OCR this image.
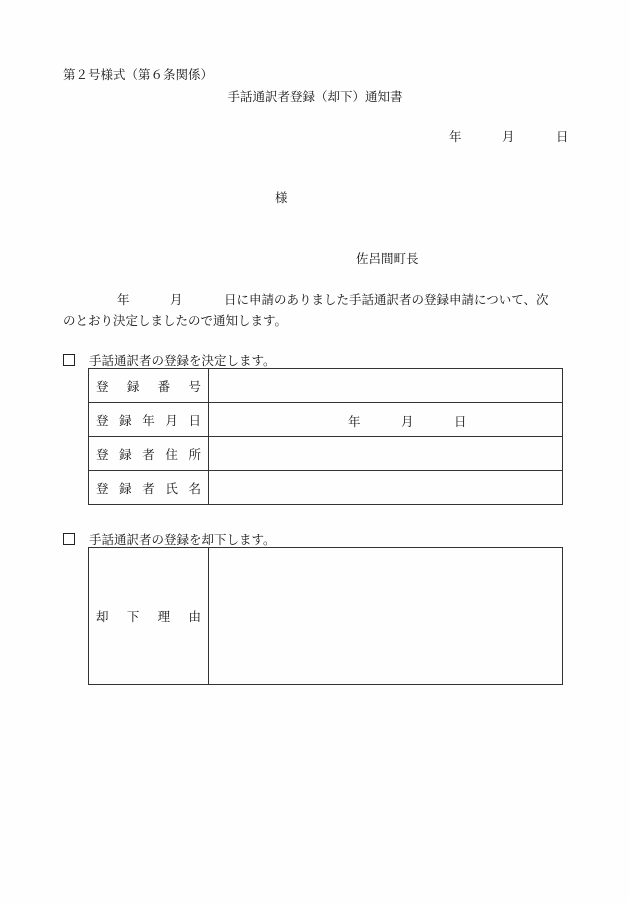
第２号様式（第６条関係）
手話通訳者登録（却下）通知書
年	月	日
様
佐呂間町長
年	月	日に申請のありました手話通訳者の登録申請について、次
のとおり決定しましたので通知します。
手話通訳者の登録を決定します。
登 録 番 号	

登 録 年 月 日	年 月 日

登 録 者 住 所	

登 録 者 氏 名	

手話通訳者の登録を却下します。
却 下 理 由
